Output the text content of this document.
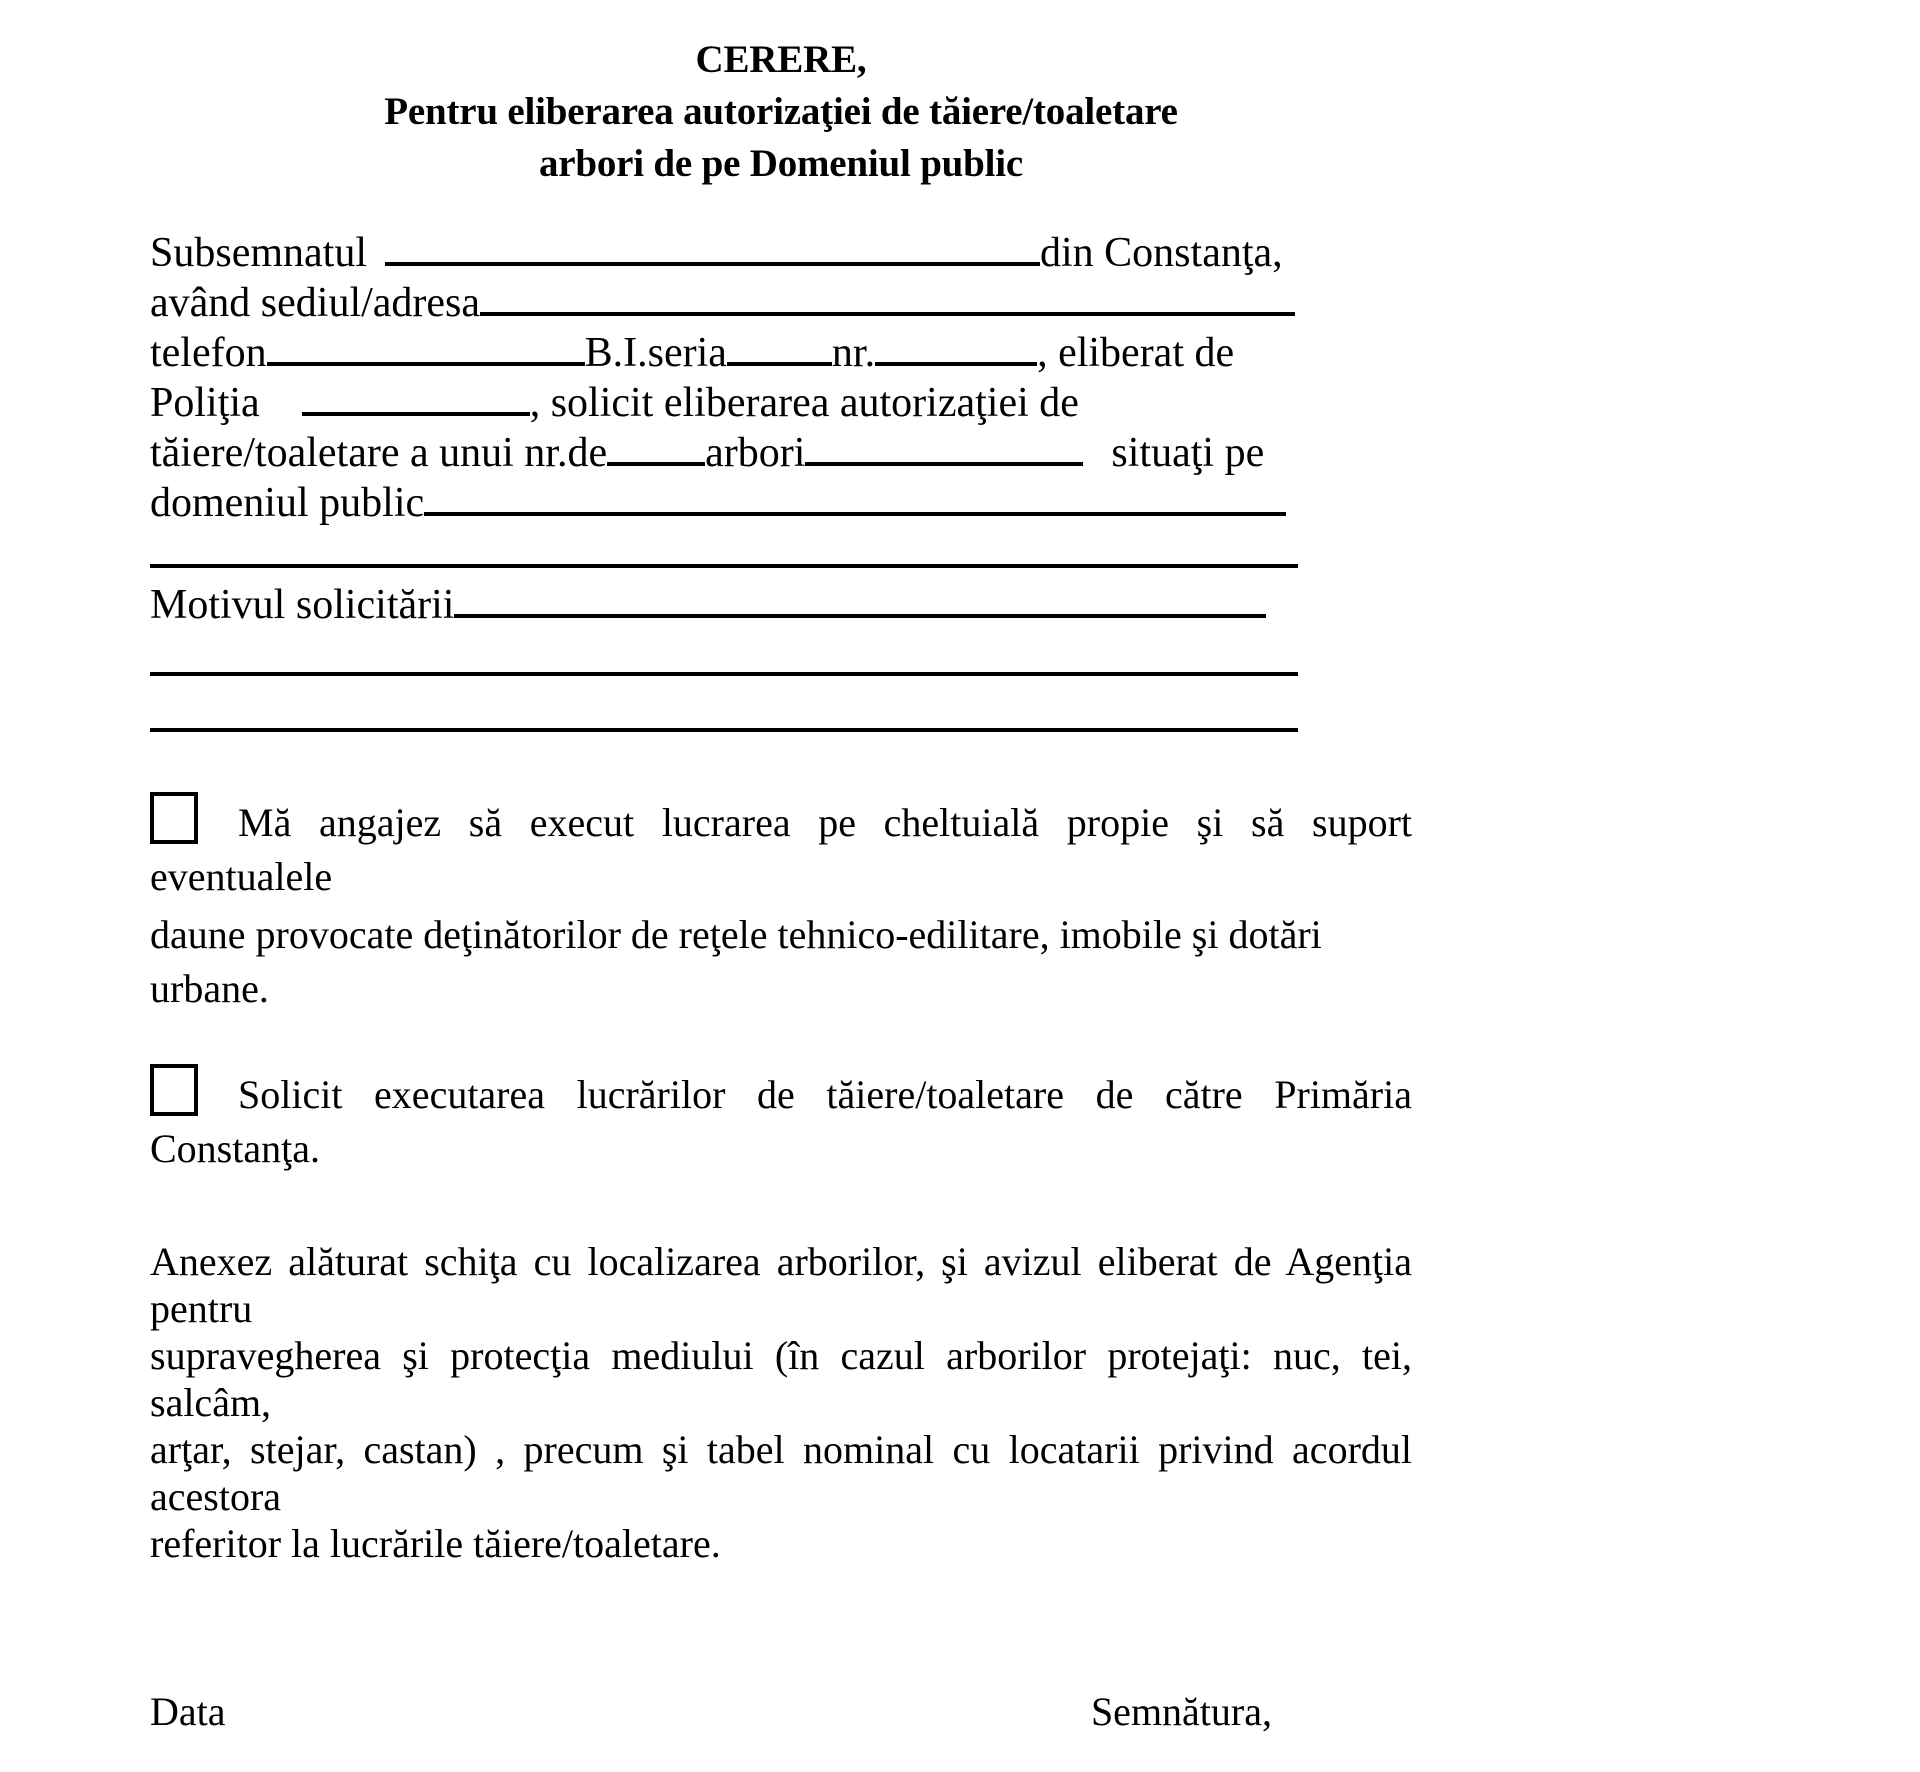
CERERE,
Pentru eliberarea autorizaţiei de tăiere/toaletare
arbori de pe Domeniul public
Subsemnatul	din Constanţa,
având sediul/adresa
telefon	B.I.seria	nr.	, eliberat de
Poliţia	, solicit eliberarea autorizaţiei de
tăiere/toaletare a unui nr.de arbori	situaţi pe
domeniul public
Motivul solicitării
Mă angajez să execut lucrarea pe cheltuială propie şi să suport eventualele
daune provocate deţinătorilor de reţele tehnico-edilitare, imobile şi dotări urbane.
Solicit executarea lucrărilor de tăiere/toaletare de către Primăria Constanţa.
Anexez alăturat schiţa cu localizarea arborilor, şi avizul eliberat de Agenţia pentru
supravegherea şi protecţia mediului (în cazul arborilor protejaţi: nuc, tei, salcâm,
arţar, stejar, castan) , precum şi tabel nominal cu locatarii privind acordul acestora
referitor la lucrările tăiere/toaletare.
Data	Semnătura,
